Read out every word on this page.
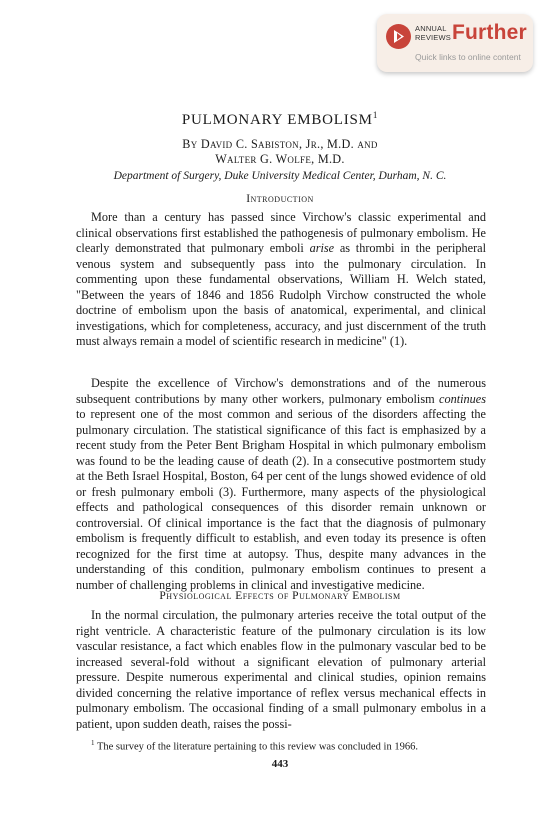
ANNUAL
REVIEWS Further
Quick links to online content
PULMONARY EMBOLISM$^1$
By David C. Sabiston, Jr., M.D. and
Walter G. Wolfe, M.D.
Department of Surgery, Duke University Medical Center, Durham, N. C.
Introduction

More than a century has passed since Virchow's classic experimental and clinical observations first established the pathogenesis of pulmonary embolism. He clearly demonstrated that pulmonary emboli arise as thrombi in the peripheral venous system and subsequently pass into the pulmonary circulation. In commenting upon these fundamental observations, William H. Welch stated, "Between the years of 1846 and 1856 Rudolph Virchow constructed the whole doctrine of embolism upon the basis of anatomical, experimental, and clinical investigations, which for completeness, accuracy, and just discernment of the truth must always remain a model of scientific research in medicine" (1).

Despite the excellence of Virchow's demonstrations and of the numerous subsequent contributions by many other workers, pulmonary embolism continues to represent one of the most common and serious of the disorders affecting the pulmonary circulation. The statistical significance of this fact is emphasized by a recent study from the Peter Bent Brigham Hospital in which pulmonary embolism was found to be the leading cause of death (2). In a consecutive postmortem study at the Beth Israel Hospital, Boston, 64 per cent of the lungs showed evidence of old or fresh pulmonary emboli (3). Furthermore, many aspects of the physiological effects and pathological consequences of this disorder remain unknown or controversial. Of clinical importance is the fact that the diagnosis of pulmonary embolism is frequently difficult to establish, and even today its presence is often recognized for the first time at autopsy. Thus, despite many advances in the understanding of this condition, pulmonary embolism continues to present a number of challenging problems in clinical and investigative medicine.

Physiological Effects of Pulmonary Embolism

In the normal circulation, the pulmonary arteries receive the total output of the right ventricle. A characteristic feature of the pulmonary circulation is its low vascular resistance, a fact which enables flow in the pulmonary vascular bed to be increased several-fold without a significant elevation of pulmonary arterial pressure. Despite numerous experimental and clinical studies, opinion remains divided concerning the relative importance of reflex versus mechanical effects in pulmonary embolism. The occasional finding of a small pulmonary embolus in a patient, upon sudden death, raises the possi-

$^1$ The survey of the literature pertaining to this review was concluded in 1966.
443
